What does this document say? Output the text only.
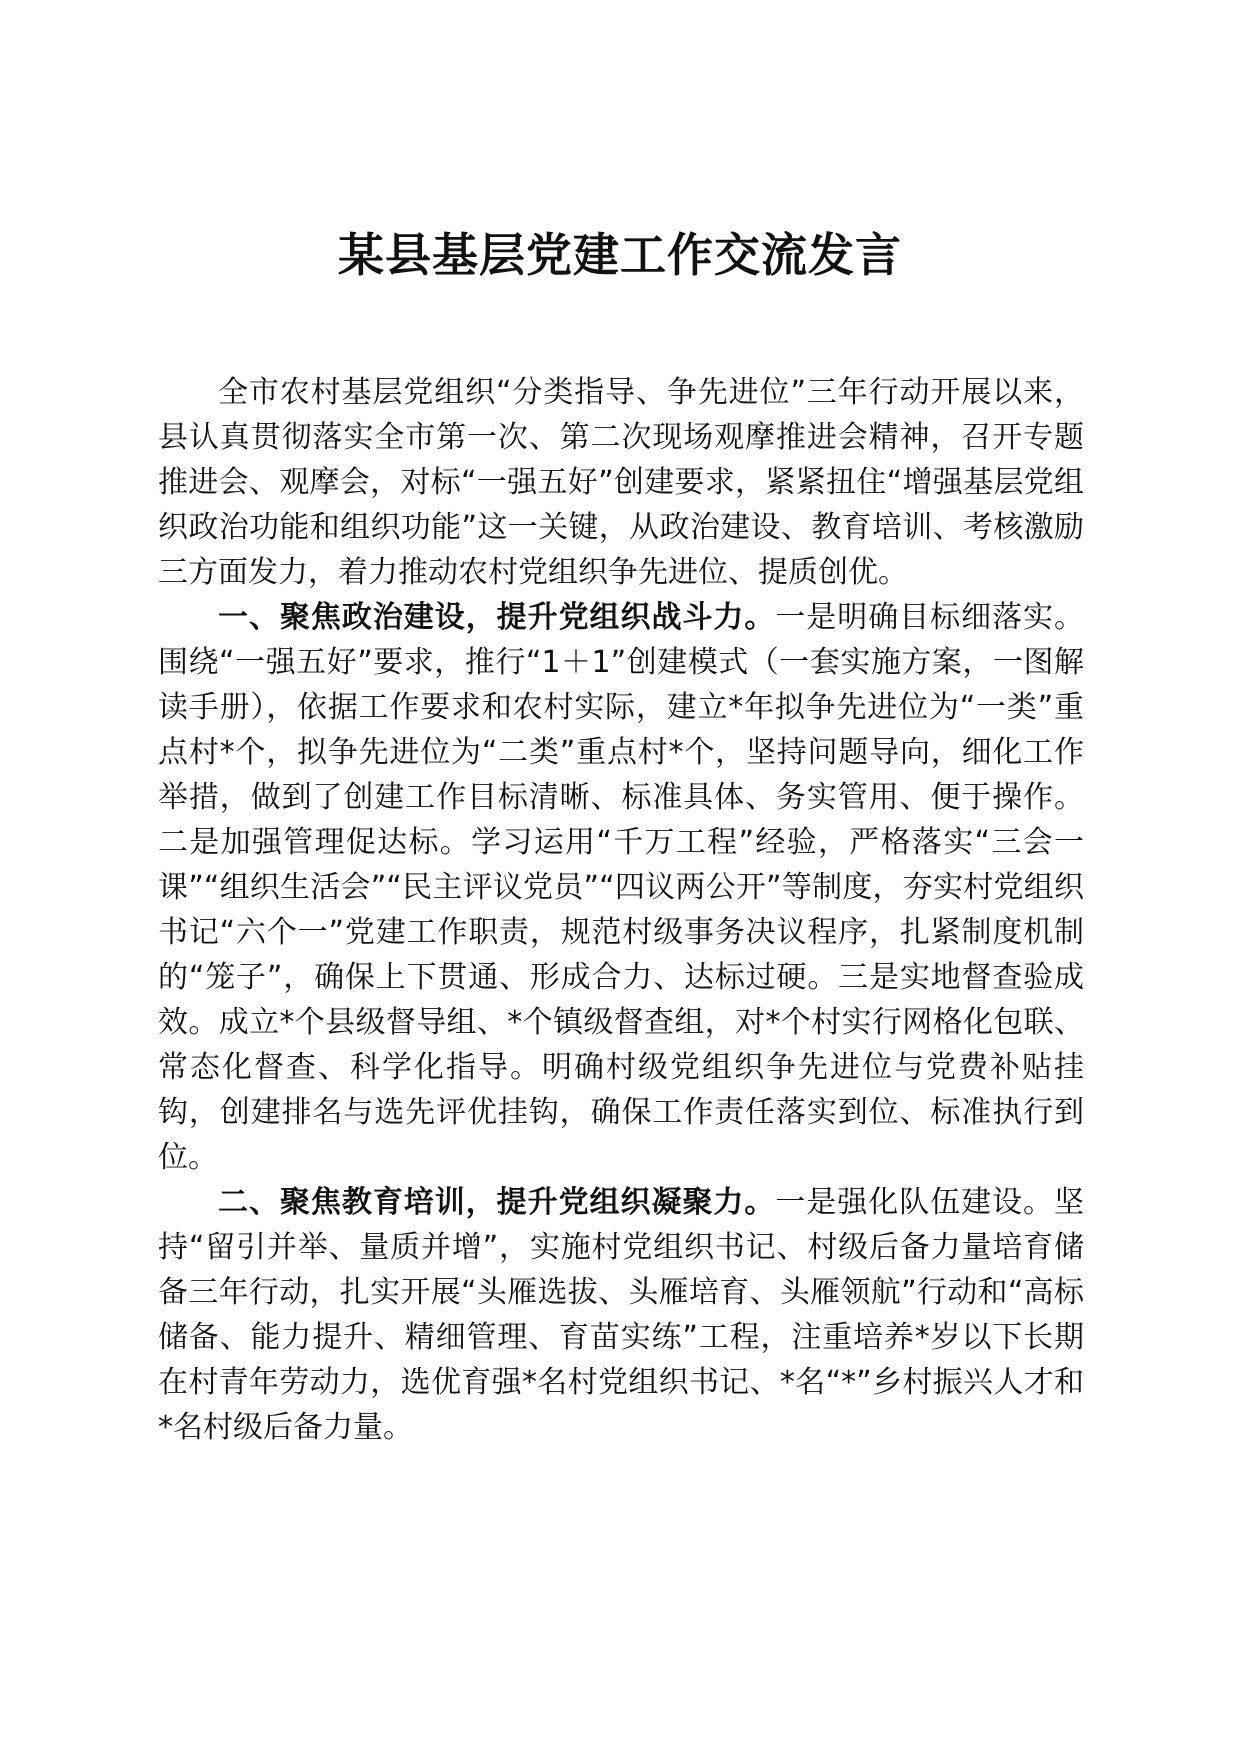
某县基层党建工作交流发言

全市农村基层党组织“分类指导、争先进位”三年行动开展以来，县认真贯彻落实全市第一次、第二次现场观摩推进会精神，召开专题推进会、观摩会，对标“一强五好”创建要求，紧紧扭住“增强基层党组织政治功能和组织功能”这一关键，从政治建设、教育培训、考核激励三方面发力，着力推动农村党组织争先进位、提质创优。

一、聚焦政治建设，提升党组织战斗力。一是明确目标细落实。围绕“一强五好”要求，推行“1＋1”创建模式（一套实施方案，一图解读手册），依据工作要求和农村实际，建立*年拟争先进位为“一类”重点村*个，拟争先进位为“二类”重点村*个，坚持问题导向，细化工作举措，做到了创建工作目标清晰、标准具体、务实管用、便于操作。二是加强管理促达标。学习运用“千万工程”经验，严格落实“三会一课”“组织生活会”“民主评议党员”“四议两公开”等制度，夯实村党组织书记“六个一”党建工作职责，规范村级事务决议程序，扎紧制度机制的“笼子”，确保上下贯通、形成合力、达标过硬。三是实地督查验成效。成立*个县级督导组、*个镇级督查组，对*个村实行网格化包联、常态化督查、科学化指导。明确村级党组织争先进位与党费补贴挂钩，创建排名与选先评优挂钩，确保工作责任落实到位、标准执行到位。

二、聚焦教育培训，提升党组织凝聚力。一是强化队伍建设。坚持“留引并举、量质并增”，实施村党组织书记、村级后备力量培育储备三年行动，扎实开展“头雁选拔、头雁培育、头雁领航”行动和“高标储备、能力提升、精细管理、育苗实练”工程，注重培养*岁以下长期在村青年劳动力，选优育强*名村党组织书记、*名“*”乡村振兴人才和*名村级后备力量。
